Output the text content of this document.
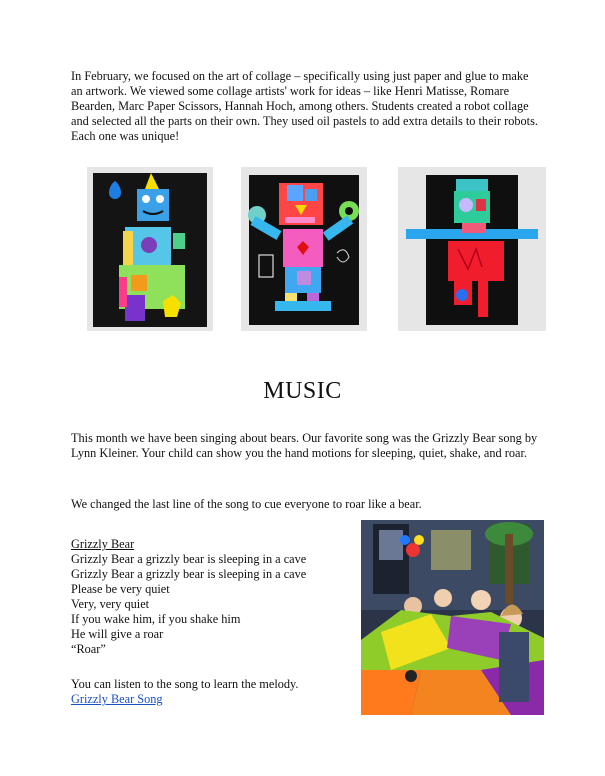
In February, we focused on the art of collage – specifically using just paper and glue to make an artwork. We viewed some collage artists' work for ideas – like Henri Matisse, Romare Bearden, Marc Paper Scissors, Hannah Hoch, among others. Students created a robot collage and selected all the parts on their own. They used oil pastels to add extra details to their robots. Each one was unique!

MUSIC

This month we have been singing about bears. Our favorite song was the Grizzly Bear song by Lynn Kleiner. Your child can show you the hand motions for sleeping, quiet, shake, and roar.

We changed the last line of the song to cue everyone to roar like a bear.

Grizzly Bear
Grizzly Bear a grizzly bear is sleeping in a cave
Grizzly Bear a grizzly bear is sleeping in a cave
Please be very quiet
Very, very quiet
If you wake him, if you shake him
He will give a roar
“Roar”

You can listen to the song to learn the melody.
Grizzly Bear Song
